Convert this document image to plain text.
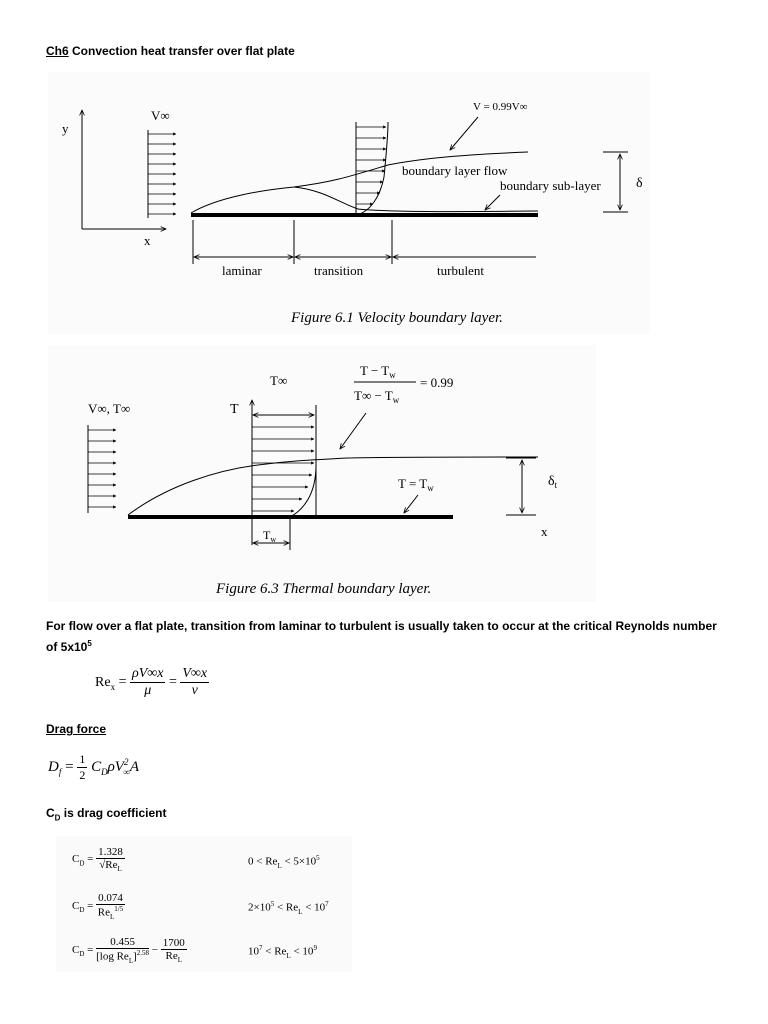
Ch6 Convection heat transfer over flat plate
y
x
V∞
V = 0.99V∞
boundary layer flow
boundary sub-layer	δ
laminar	transition	turbulent
Figure 6.1 Velocity boundary layer.
V∞, T∞	T
T∞
$T_w$
$T - T_w$
$T\infty - T_w$
= 0.99
$T = T_w$	$\delta_t$
x
Figure 6.3 Thermal boundary layer.
For flow over a flat plate, transition from laminar to turbulent is usually taken to occur at the critical Reynolds number of $5x10^5$
$Re_x = \frac{\rho V\infty x}{\mu} = \frac{V\infty x}{\nu}$
Drag force
$D_f = \frac{1}{2} C_D\rho V^2_\infty A$
$C_D$ is drag coefficient
$C_D = \frac{1.328}{√Re_L}$	$0 < Re_L < 5\times 10^5$
$C_D = \frac{0.074}{Re_L^{1/5}}$	$2\times 10^5 < Re_L < 10^7$
$C_D = \frac{0.455}{[\log Re_L]^{2.58}} - \frac{1700}{Re_L}$	$10^7 < Re_L < 10^9$
